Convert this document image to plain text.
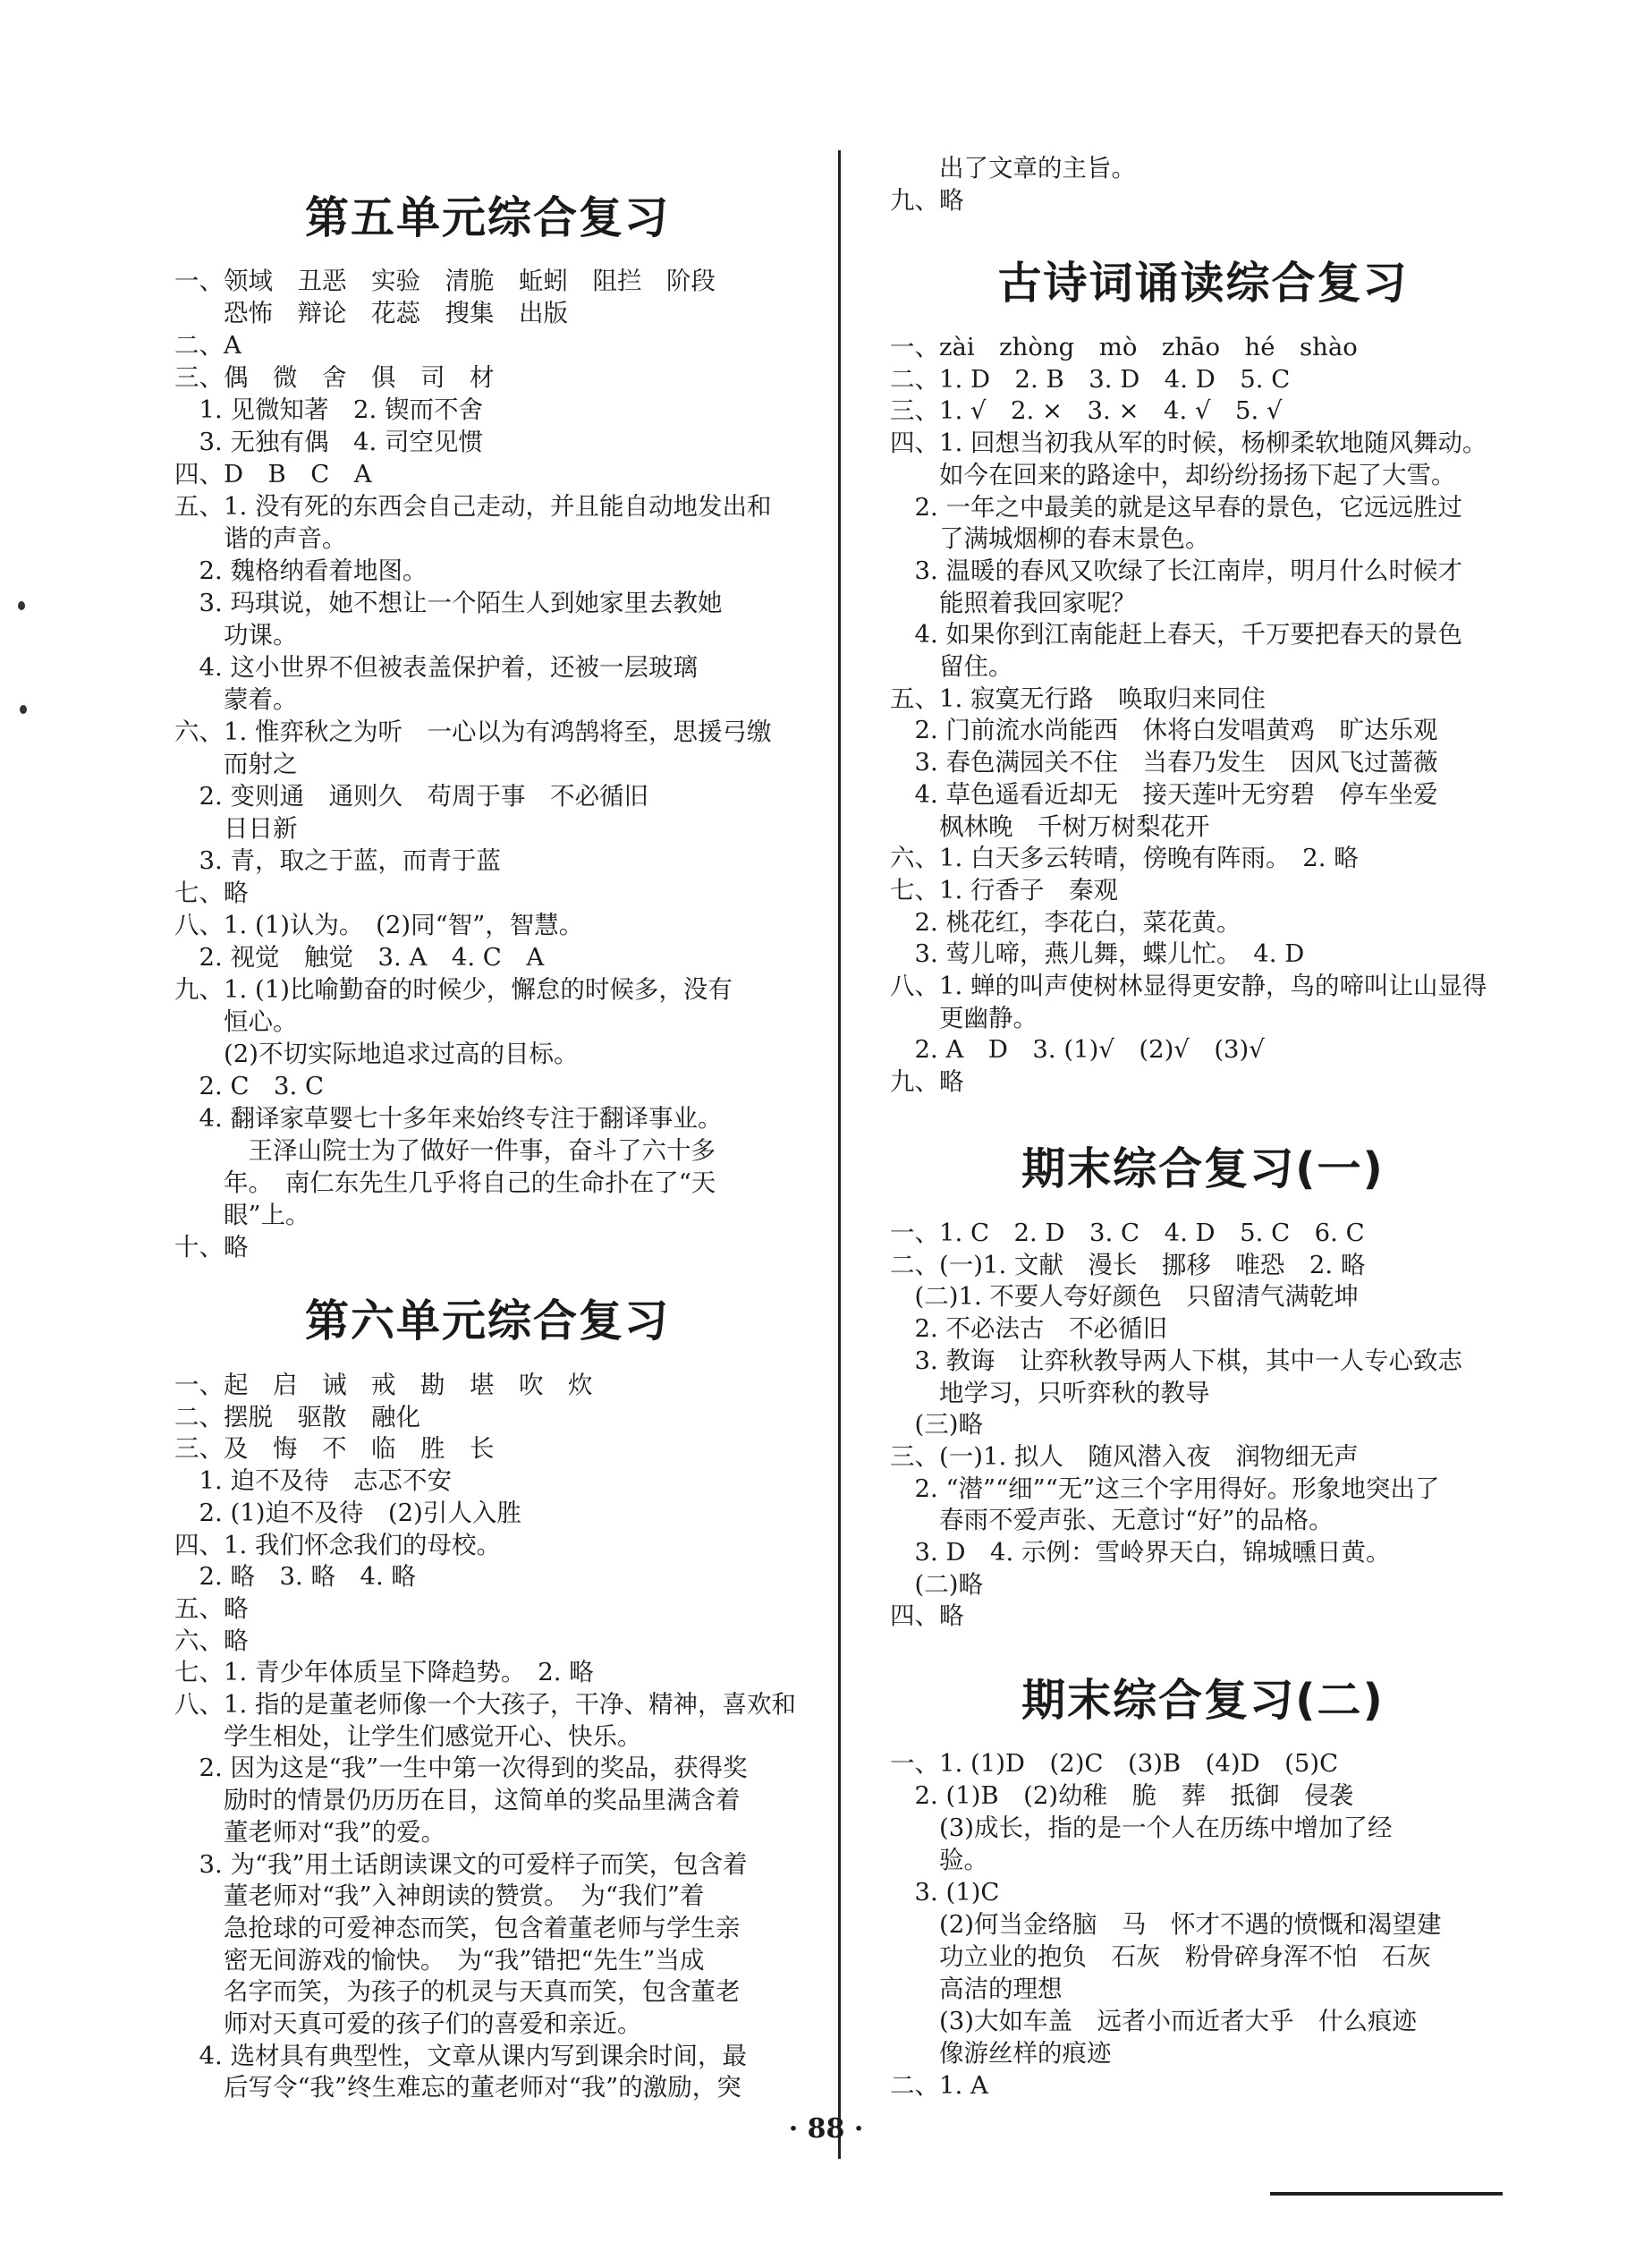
第五单元综合复习

一、领域　丑恶　实验　清脆　蚯蚓　阻拦　阶段

　　恐怖　辩论　花蕊　搜集　出版

二、A

三、偶　微　舍　俱　司　材

　1. 见微知著　2. 锲而不舍

　3. 无独有偶　4. 司空见惯

四、D　B　C　A

五、1. 没有死的东西会自己走动，并且能自动地发出和

　　谐的声音。

　2. 魏格纳看着地图。

　3. 玛琪说，她不想让一个陌生人到她家里去教她

　　功课。

　4. 这小世界不但被表盖保护着，还被一层玻璃

　　蒙着。

六、1. 惟弈秋之为听　一心以为有鸿鹄将至，思援弓缴

　　而射之

　2. 变则通　通则久　苟周于事　不必循旧

　　日日新

　3. 青，取之于蓝，而青于蓝

七、略

八、1. (1)认为。　(2)同“智”，智慧。

　2. 视觉　触觉　3. A　4. C　A

九、1. (1)比喻勤奋的时候少，懈怠的时候多，没有

　　恒心。

　　(2)不切实际地追求过高的目标。

　2. C　3. C

　4. 翻译家草婴七十多年来始终专注于翻译事业。

　　　王泽山院士为了做好一件事，奋斗了六十多

　　年。　南仁东先生几乎将自己的生命扑在了“天

　　眼”上。

十、略

第六单元综合复习

一、起　启　诫　戒　勘　堪　吹　炊

二、摆脱　驱散　融化

三、及　悔　不　临　胜　长

　1. 迫不及待　志忑不安

　2. (1)迫不及待　(2)引人入胜

四、1. 我们怀念我们的母校。

　2. 略　3. 略　4. 略

五、略

六、略

七、1. 青少年体质呈下降趋势。　2. 略

八、1. 指的是董老师像一个大孩子，干净、精神，喜欢和

　　学生相处，让学生们感觉开心、快乐。

　2. 因为这是“我”一生中第一次得到的奖品，获得奖

　　励时的情景仍历历在目，这简单的奖品里满含着

　　董老师对“我”的爱。

　3. 为“我”用土话朗读课文的可爱样子而笑，包含着

　　董老师对“我”入神朗读的赞赏。　为“我们”着

　　急抢球的可爱神态而笑，包含着董老师与学生亲

　　密无间游戏的愉快。　为“我”错把“先生”当成

　　名字而笑，为孩子的机灵与天真而笑，包含董老

　　师对天真可爱的孩子们的喜爱和亲近。

　4. 选材具有典型性，文章从课内写到课余时间，最

　　后写令“我”终生难忘的董老师对“我”的激励，突

　　出了文章的主旨。

九、略

古诗词诵读综合复习

一、zài　zhòng　mò　zhāo　hé　shào

二、1. D　2. B　3. D　4. D　5. C

三、1. √　2. ×　3. ×　4. √　5. √

四、1. 回想当初我从军的时候，杨柳柔软地随风舞动。

　　如今在回来的路途中，却纷纷扬扬下起了大雪。

　2. 一年之中最美的就是这早春的景色，它远远胜过

　　了满城烟柳的春末景色。

　3. 温暖的春风又吹绿了长江南岸，明月什么时候才

　　能照着我回家呢？

　4. 如果你到江南能赶上春天，千万要把春天的景色

　　留住。

五、1. 寂寞无行路　唤取归来同住

　2. 门前流水尚能西　休将白发唱黄鸡　旷达乐观

　3. 春色满园关不住　当春乃发生　因风飞过蔷薇

　4. 草色遥看近却无　接天莲叶无穷碧　停车坐爱

　　枫林晚　千树万树梨花开

六、1. 白天多云转晴，傍晚有阵雨。　2. 略

七、1. 行香子　秦观

　2. 桃花红，李花白，菜花黄。

　3. 莺儿啼，燕儿舞，蝶儿忙。　4. D

八、1. 蝉的叫声使树林显得更安静，鸟的啼叫让山显得

　　更幽静。

　2. A　D　3. (1)√　(2)√　(3)√

九、略

期末综合复习(一)

一、1. C　2. D　3. C　4. D　5. C　6. C

二、(一)1. 文献　漫长　挪移　唯恐　2. 略

　(二)1. 不要人夸好颜色　只留清气满乾坤

　2. 不必法古　不必循旧

　3. 教诲　让弈秋教导两人下棋，其中一人专心致志

　　地学习，只听弈秋的教导

　(三)略

三、(一)1. 拟人　随风潜入夜　润物细无声

　2. “潜”“细”“无”这三个字用得好。形象地突出了

　　春雨不爱声张、无意讨“好”的品格。

　3. D　4. 示例：雪岭界天白，锦城曛日黄。

　(二)略

四、略

期末综合复习(二)

一、1. (1)D　(2)C　(3)B　(4)D　(5)C

　2. (1)B　(2)幼稚　脆　葬　抵御　侵袭

　　(3)成长，指的是一个人在历练中增加了经

　　验。

　3. (1)C

　　(2)何当金络脑　马　怀才不遇的愤慨和渴望建

　　功立业的抱负　石灰　粉骨碎身浑不怕　石灰

　　高洁的理想

　　(3)大如车盖　远者小而近者大乎　什么痕迹

　　像游丝样的痕迹

二、1. A

· 88 ·
